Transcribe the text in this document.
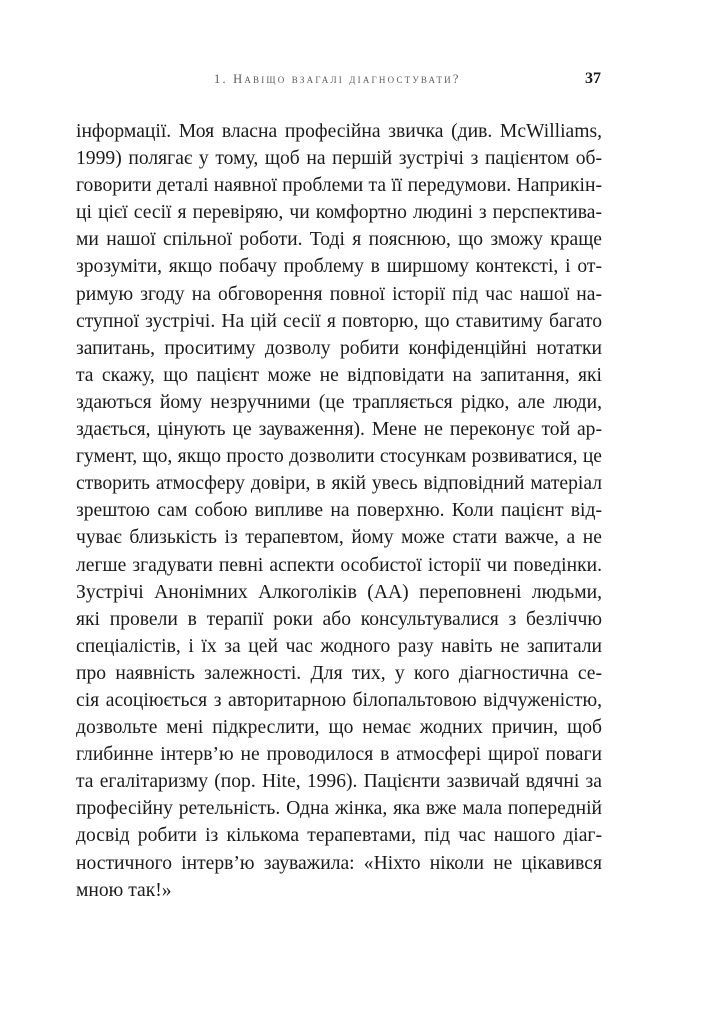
1. Навіщо взагалі діагностувати?	37
інформації. Моя власна професійна звичка (див. McWilliams,
1999) полягає у тому, щоб на першій зустрічі з пацієнтом об-
говорити деталі наявної проблеми та її передумови. Наприкін-
ці цієї сесії я перевіряю, чи комфортно людині з перспектива-
ми нашої спільної роботи. Тоді я пояснюю, що зможу краще
зрозуміти, якщо побачу проблему в ширшому контексті, і от-
римую згоду на обговорення повної історії під час нашої на-
ступної зустрічі. На цій сесії я повторю, що ставитиму багато
запитань, проситиму дозволу робити конфіденційні нотатки
та скажу, що пацієнт може не відповідати на запитання, які
здаються йому незручними (це трапляється рідко, але люди,
здається, цінують це зауваження). Мене не переконує той ар-
гумент, що, якщо просто дозволити стосункам розвиватися, це
створить атмосферу довіри, в якій увесь відповідний матеріал
зрештою сам собою випливе на поверхню. Коли пацієнт від-
чуває близькість із терапевтом, йому може стати важче, а не
легше згадувати певні аспекти особистої історії чи поведінки.
Зустрічі Анонімних Алкоголіків (АА) переповнені людьми,
які провели в терапії роки або консультувалися з безліччю
спеціалістів, і їх за цей час жодного разу навіть не запитали
про наявність залежності. Для тих, у кого діагностична се-
сія асоціюється з авторитарною білопальтовою відчуженістю,
дозвольте мені підкреслити, що немає жодних причин, щоб
глибинне інтерв’ю не проводилося в атмосфері щирої поваги
та егалітаризму (пор. Hite, 1996). Пацієнти зазвичай вдячні за
професійну ретельність. Одна жінка, яка вже мала попередній
досвід робити із кількома терапевтами, під час нашого діаг-
ностичного інтерв’ю зауважила: «Ніхто ніколи не цікавився
мною так!»
